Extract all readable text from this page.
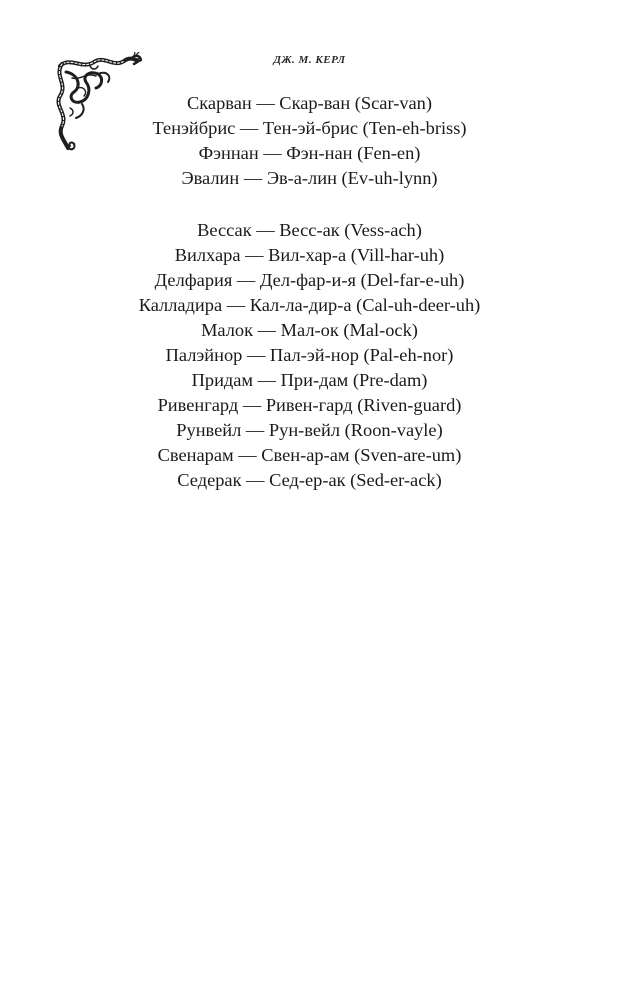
ДЖ. М. КЕРЛ
Скарван — Скар-ван (Scar-van)
Тенэйбрис — Тен-эй-брис (Ten-eh-briss)
Фэннан — Фэн-нан (Fen-en)
Эвалин — Эв-а-лин (Ev-uh-lynn)
Вессак — Весс-ак (Vess-ach)
Вилхара — Вил-хар-а (Vill-har-uh)
Делфария — Дел-фар-и-я (Del-far-e-uh)
Калладира — Кал-ла-дир-а (Cal-uh-deer-uh)
Малок — Мал-ок (Mal-ock)
Палэйнор — Пал-эй-нор (Pal-eh-nor)
Придам — При-дам (Pre-dam)
Ривенгард — Ривен-гард (Riven-guard)
Рунвейл — Рун-вейл (Roon-vayle)
Свенарам — Свен-ар-ам (Sven-are-um)
Седерак — Сед-ер-ак (Sed-er-ack)
